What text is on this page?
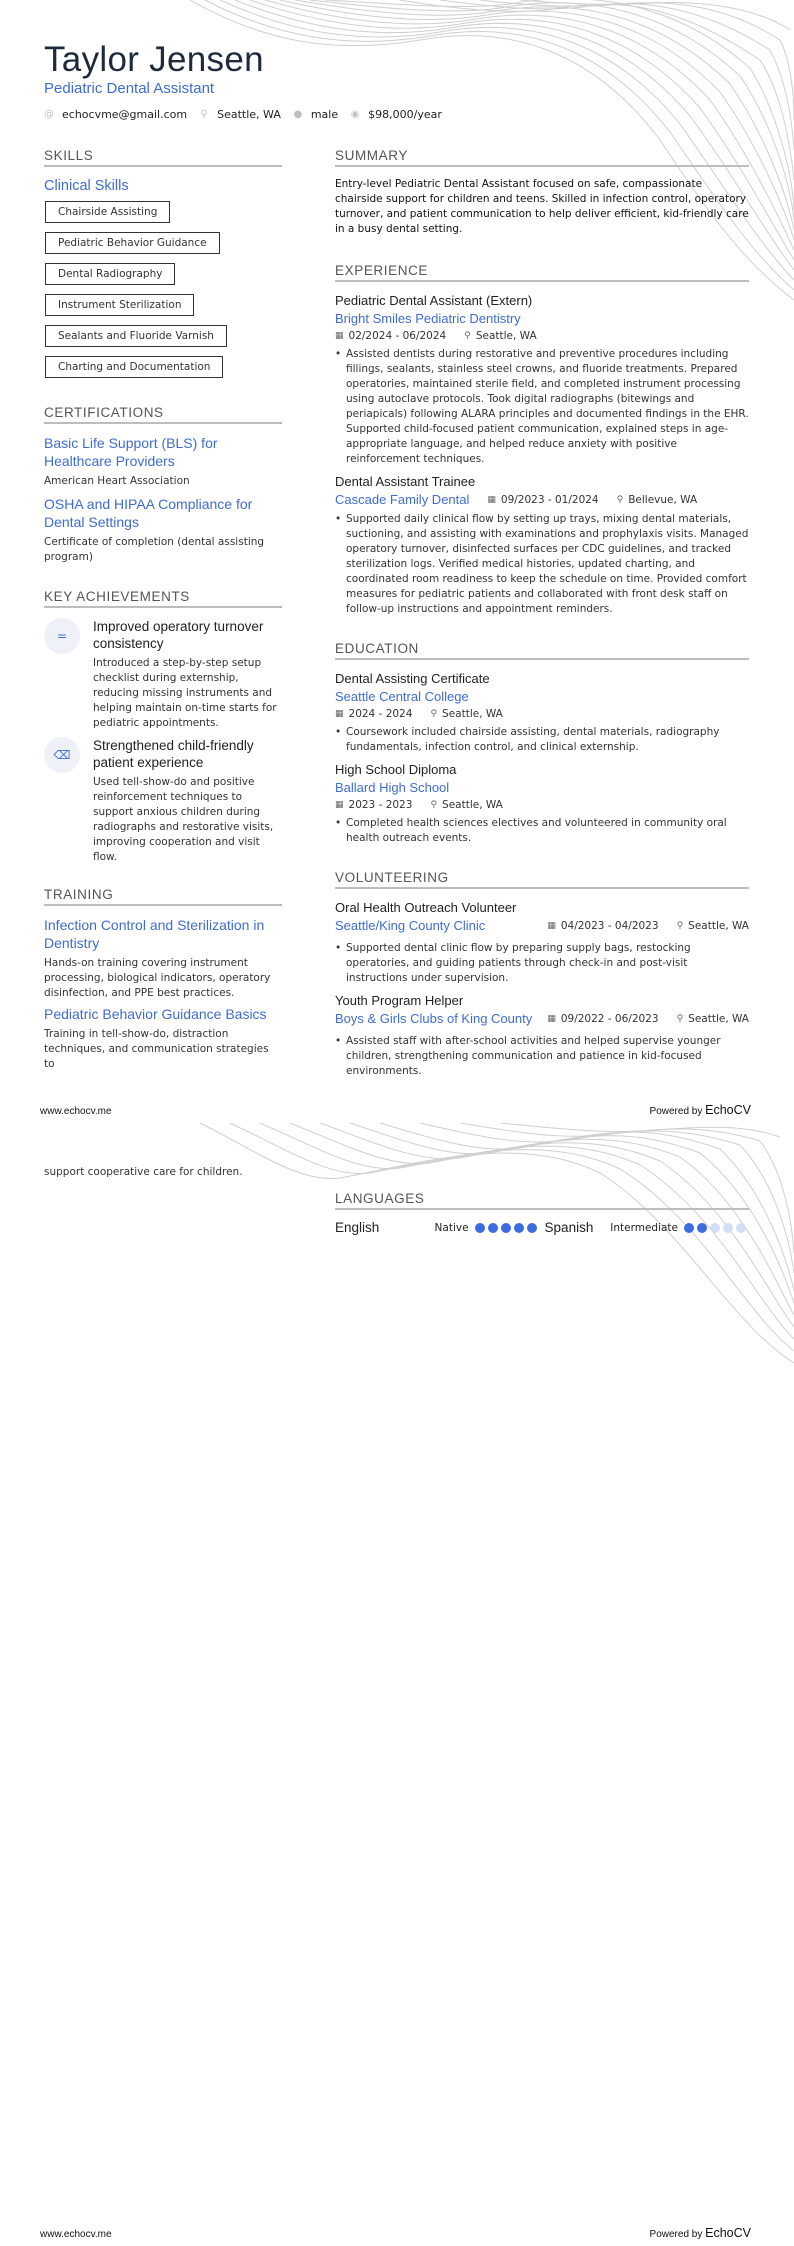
Taylor Jensen
Pediatric Dental Assistant
@ echocvme@gmail.com ⚲ Seattle, WA ● male ◉ $98,000/year
SKILLS
Clinical Skills
Chairside Assisting
Pediatric Behavior Guidance
Dental Radiography
Instrument Sterilization
Sealants and Fluoride Varnish
Charting and Documentation
CERTIFICATIONS
Basic Life Support (BLS) for Healthcare Providers
American Heart Association
OSHA and HIPAA Compliance for Dental Settings
Certificate of completion (dental assisting program)
KEY ACHIEVEMENTS
=
Improved operatory turnover consistency
Introduced a step-by-step setup checklist during externship, reducing missing instruments and helping maintain on-time starts for pediatric appointments.
⌫
Strengthened child-friendly patient experience
Used tell-show-do and positive reinforcement techniques to support anxious children during radiographs and restorative visits, improving cooperation and visit flow.
TRAINING
Infection Control and Sterilization in Dentistry
Hands-on training covering instrument processing, biological indicators, operatory disinfection, and PPE best practices.
Pediatric Behavior Guidance Basics
Training in tell-show-do, distraction techniques, and communication strategies to
SUMMARY
Entry-level Pediatric Dental Assistant focused on safe, compassionate chairside support for children and teens. Skilled in infection control, operatory turnover, and patient communication to help deliver efficient, kid-friendly care in a busy dental setting.
EXPERIENCE
Pediatric Dental Assistant (Extern)
Bright Smiles Pediatric Dentistry
▦ 02/2024 - 06/2024 ⚲ Seattle, WA
• Assisted dentists during restorative and preventive procedures including fillings, sealants, stainless steel crowns, and fluoride treatments. Prepared operatories, maintained sterile field, and completed instrument processing using autoclave protocols. Took digital radiographs (bitewings and periapicals) following ALARA principles and documented findings in the EHR. Supported child-focused patient communication, explained steps in age-appropriate language, and helped reduce anxiety with positive reinforcement techniques.
Dental Assistant Trainee
Cascade Family Dental ▦ 09/2023 - 01/2024 ⚲ Bellevue, WA
• Supported daily clinical flow by setting up trays, mixing dental materials, suctioning, and assisting with examinations and prophylaxis visits. Managed operatory turnover, disinfected surfaces per CDC guidelines, and tracked sterilization logs. Verified medical histories, updated charting, and coordinated room readiness to keep the schedule on time. Provided comfort measures for pediatric patients and collaborated with front desk staff on follow-up instructions and appointment reminders.
EDUCATION
Dental Assisting Certificate
Seattle Central College
▦ 2024 - 2024 ⚲ Seattle, WA
• Coursework included chairside assisting, dental materials, radiography fundamentals, infection control, and clinical externship.
High School Diploma
Ballard High School
▦ 2023 - 2023 ⚲ Seattle, WA
• Completed health sciences electives and volunteered in community oral health outreach events.
VOLUNTEERING
Oral Health Outreach Volunteer
Seattle/King County Clinic	▦ 04/2023 - 04/2023 ⚲ Seattle, WA
• Supported dental clinic flow by preparing supply bags, restocking operatories, and guiding patients through check-in and post-visit instructions under supervision.
Youth Program Helper
Boys & Girls Clubs of King County ▦ 09/2022 - 06/2023 ⚲ Seattle, WA
• Assisted staff with after-school activities and helped supervise younger children, strengthening communication and patience in kid-focused environments.
www.echocv.me	Powered by EchoCV
support cooperative care for children.
LANGUAGES
English	Native	Spanish	Intermediate
www.echocv.me	Powered by EchoCV
